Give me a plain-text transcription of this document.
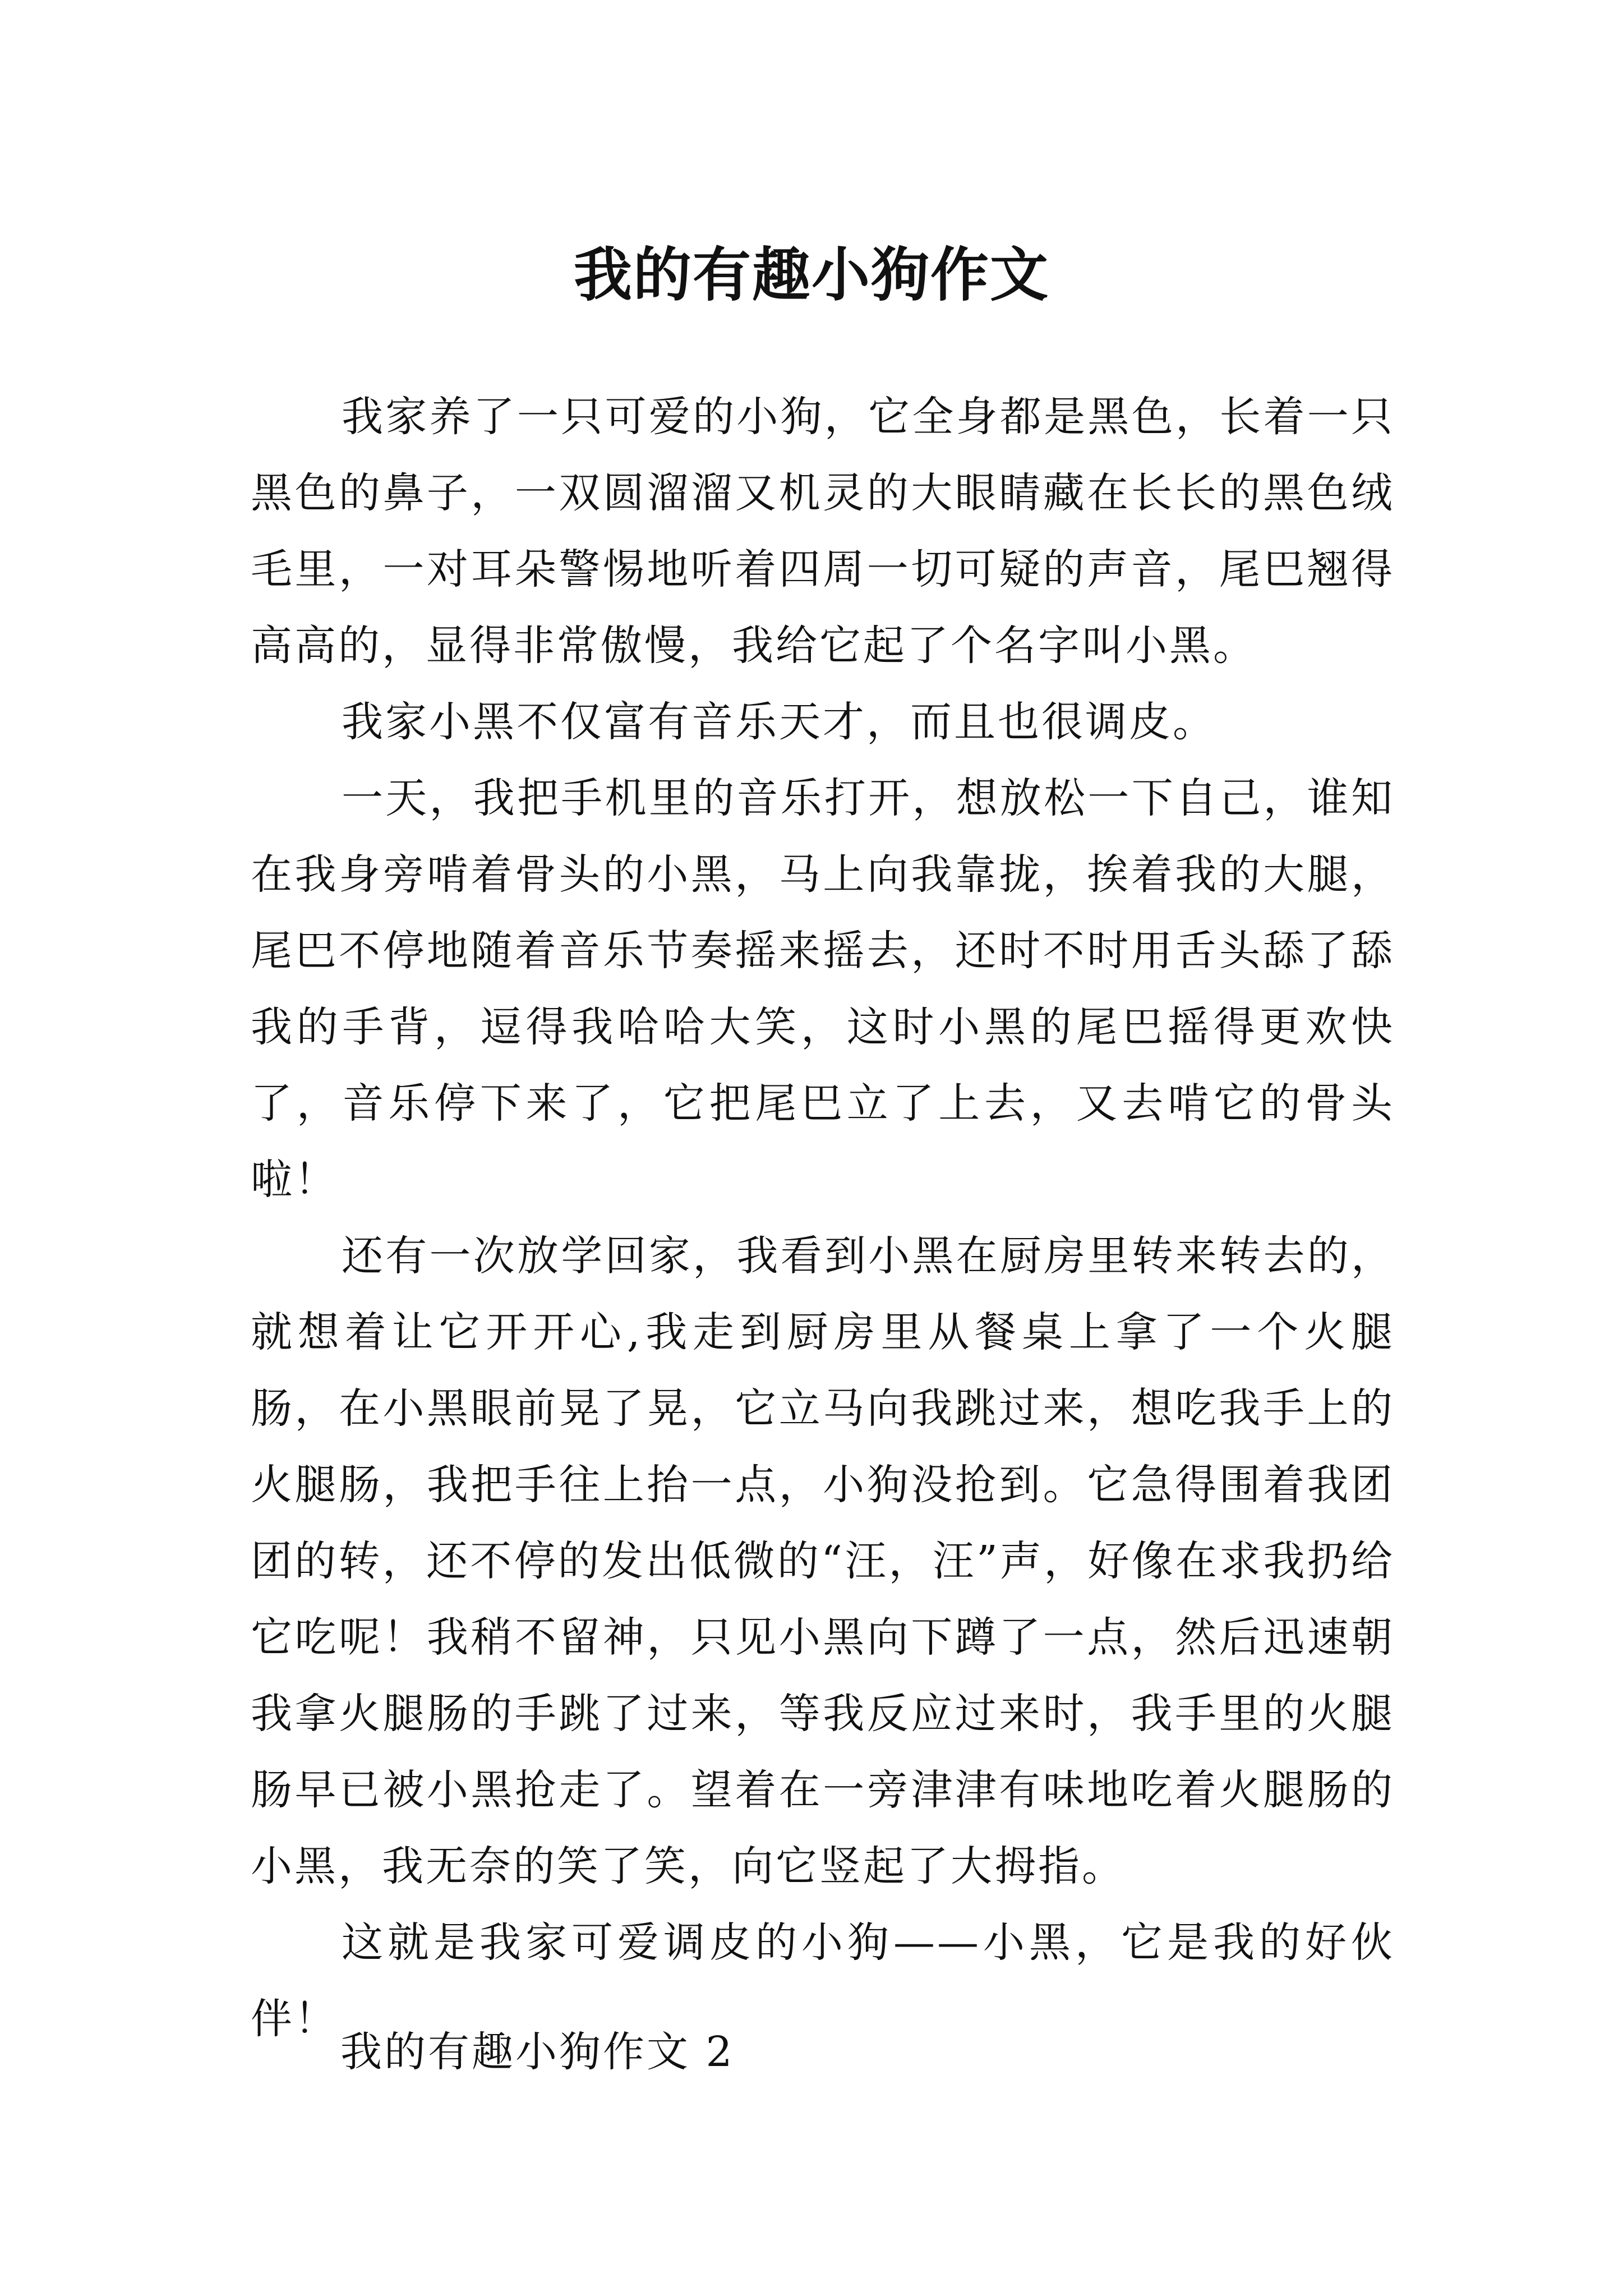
我的有趣小狗作文

我家养了一只可爱的小狗，它全身都是黑色，长着一只黑色的鼻子，一双圆溜溜又机灵的大眼睛藏在长长的黑色绒毛里，一对耳朵警惕地听着四周一切可疑的声音，尾巴翘得高高的，显得非常傲慢，我给它起了个名字叫小黑。

我家小黑不仅富有音乐天才，而且也很调皮。

一天，我把手机里的音乐打开，想放松一下自己，谁知在我身旁啃着骨头的小黑，马上向我靠拢，挨着我的大腿，尾巴不停地随着音乐节奏摇来摇去，还时不时用舌头舔了舔我的手背，逗得我哈哈大笑，这时小黑的尾巴摇得更欢快了，音乐停下来了，它把尾巴立了上去，又去啃它的骨头啦！

还有一次放学回家，我看到小黑在厨房里转来转去的，就想着让它开开心,我走到厨房里从餐桌上拿了一个火腿肠，在小黑眼前晃了晃，它立马向我跳过来，想吃我手上的火腿肠，我把手往上抬一点，小狗没抢到。它急得围着我团团的转，还不停的发出低微的“汪，汪”声，好像在求我扔给它吃呢！我稍不留神，只见小黑向下蹲了一点，然后迅速朝我拿火腿肠的手跳了过来，等我反应过来时，我手里的火腿肠早已被小黑抢走了。望着在一旁津津有味地吃着火腿肠的小黑，我无奈的笑了笑，向它竖起了大拇指。

这就是我家可爱调皮的小狗——小黑，它是我的好伙伴！

我的有趣小狗作文 2
